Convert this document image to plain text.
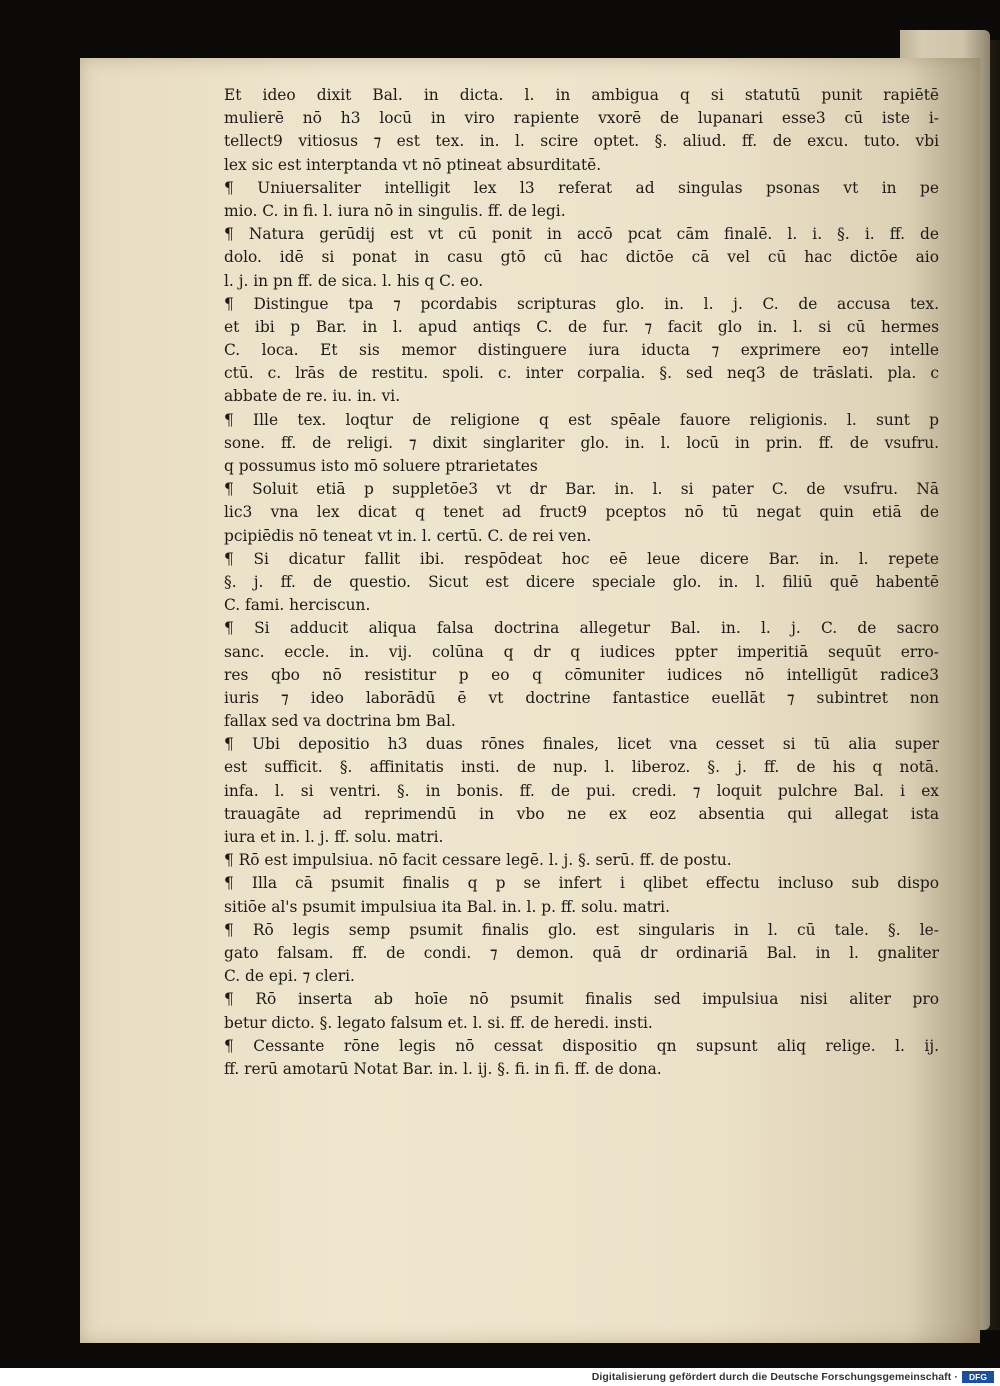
Et ideo dixit Bal. in dicta. l. in ambigua q si statutū punit rapiētē
mulierē nō h3 locū in viro rapiente vxorē de lupanari esse3 cū iste i-
tellect9 vitiosus ⁊ est tex. in. l. scire optet. §. aliud. ff. de excu. tuto. vbi
lex sic est interptanda vt nō ptineat absurditatē.
¶ Uniuersaliter intelligit lex l3 referat ad singulas psonas vt in pe
mio. C. in fi. l. iura nō in singulis. ff. de legi.
¶ Natura gerūdij est vt cū ponit in accō pcat cām finalē. l. i. §. i. ff. de
dolo. idē si ponat in casu gtō cū hac dictōe cā vel cū hac dictōe aio
l. j. in pn ff. de sica. l. his q C. eo.
¶ Distingue tpa ⁊ pcordabis scripturas glo. in. l. j. C. de accusa tex.
et ibi p Bar. in l. apud antiqs C. de fur. ⁊ facit glo in. l. si cū hermes
C. loca. Et sis memor distinguere iura iducta ⁊ exprimere eo⁊ intelle
ctū. c. lrās de restitu. spoli. c. inter corpalia. §. sed neq3 de trāslati. pla. c
abbate de re. iu. in. vi.
¶ Ille tex. loqtur de religione q est spēale fauore religionis. l. sunt p
sone. ff. de religi. ⁊ dixit singlariter glo. in. l. locū in prin. ff. de vsufru.
q possumus isto mō soluere ptrarietates
¶ Soluit etiā p suppletōe3 vt dr Bar. in. l. si pater C. de vsufru. Nā
lic3 vna lex dicat q tenet ad fruct9 pceptos nō tū negat quin etiā de
pcipiēdis nō teneat vt in. l. certū. C. de rei ven.
¶ Si dicatur fallit ibi. respōdeat hoc eē leue dicere Bar. in. l. repete
§. j. ff. de questio. Sicut est dicere speciale glo. in. l. filiū quē habentē
C. fami. herciscun.
¶ Si adducit aliqua falsa doctrina allegetur Bal. in. l. j. C. de sacro
sanc. eccle. in. vij. colūna q dr q iudices ppter imperitiā sequūt erro-
res qbo nō resistitur p eo q cōmuniter iudices nō intelligūt radice3
iuris ⁊ ideo laborādū ē vt doctrine fantastice euellāt ⁊ subintret non
fallax sed va doctrina bm Bal.
¶ Ubi depositio h3 duas rōnes finales, licet vna cesset si tū alia super
est sufficit. §. affinitatis insti. de nup. l. liberoz. §. j. ff. de his q notā.
infa. l. si ventri. §. in bonis. ff. de pui. credi. ⁊ loquit pulchre Bal. i ex
trauagāte ad reprimendū in vbo ne ex eoz absentia qui allegat ista
iura et in. l. j. ff. solu. matri.
¶ Rō est impulsiua. nō facit cessare legē. l. j. §. serū. ff. de postu.
¶ Illa cā psumit finalis q p se infert i qlibet effectu incluso sub dispo
sitiōe al's psumit impulsiua ita Bal. in. l. p. ff. solu. matri.
¶ Rō legis semp psumit finalis glo. est singularis in l. cū tale. §. le-
gato falsam. ff. de condi. ⁊ demon. quā dr ordinariā Bal. in l. gnaliter
C. de epi. ⁊ cleri.
¶ Rō inserta ab hoīe nō psumit finalis sed impulsiua nisi aliter pro
betur dicto. §. legato falsum et. l. si. ff. de heredi. insti.
¶ Cessante rōne legis nō cessat dispositio qn supsunt aliq relige. l. ij.
ff. rerū amotarū Notat Bar. in. l. ij. §. fi. in fi. ff. de dona.
Digitalisierung gefördert durch die Deutsche Forschungsgemeinschaft ·	DFG
